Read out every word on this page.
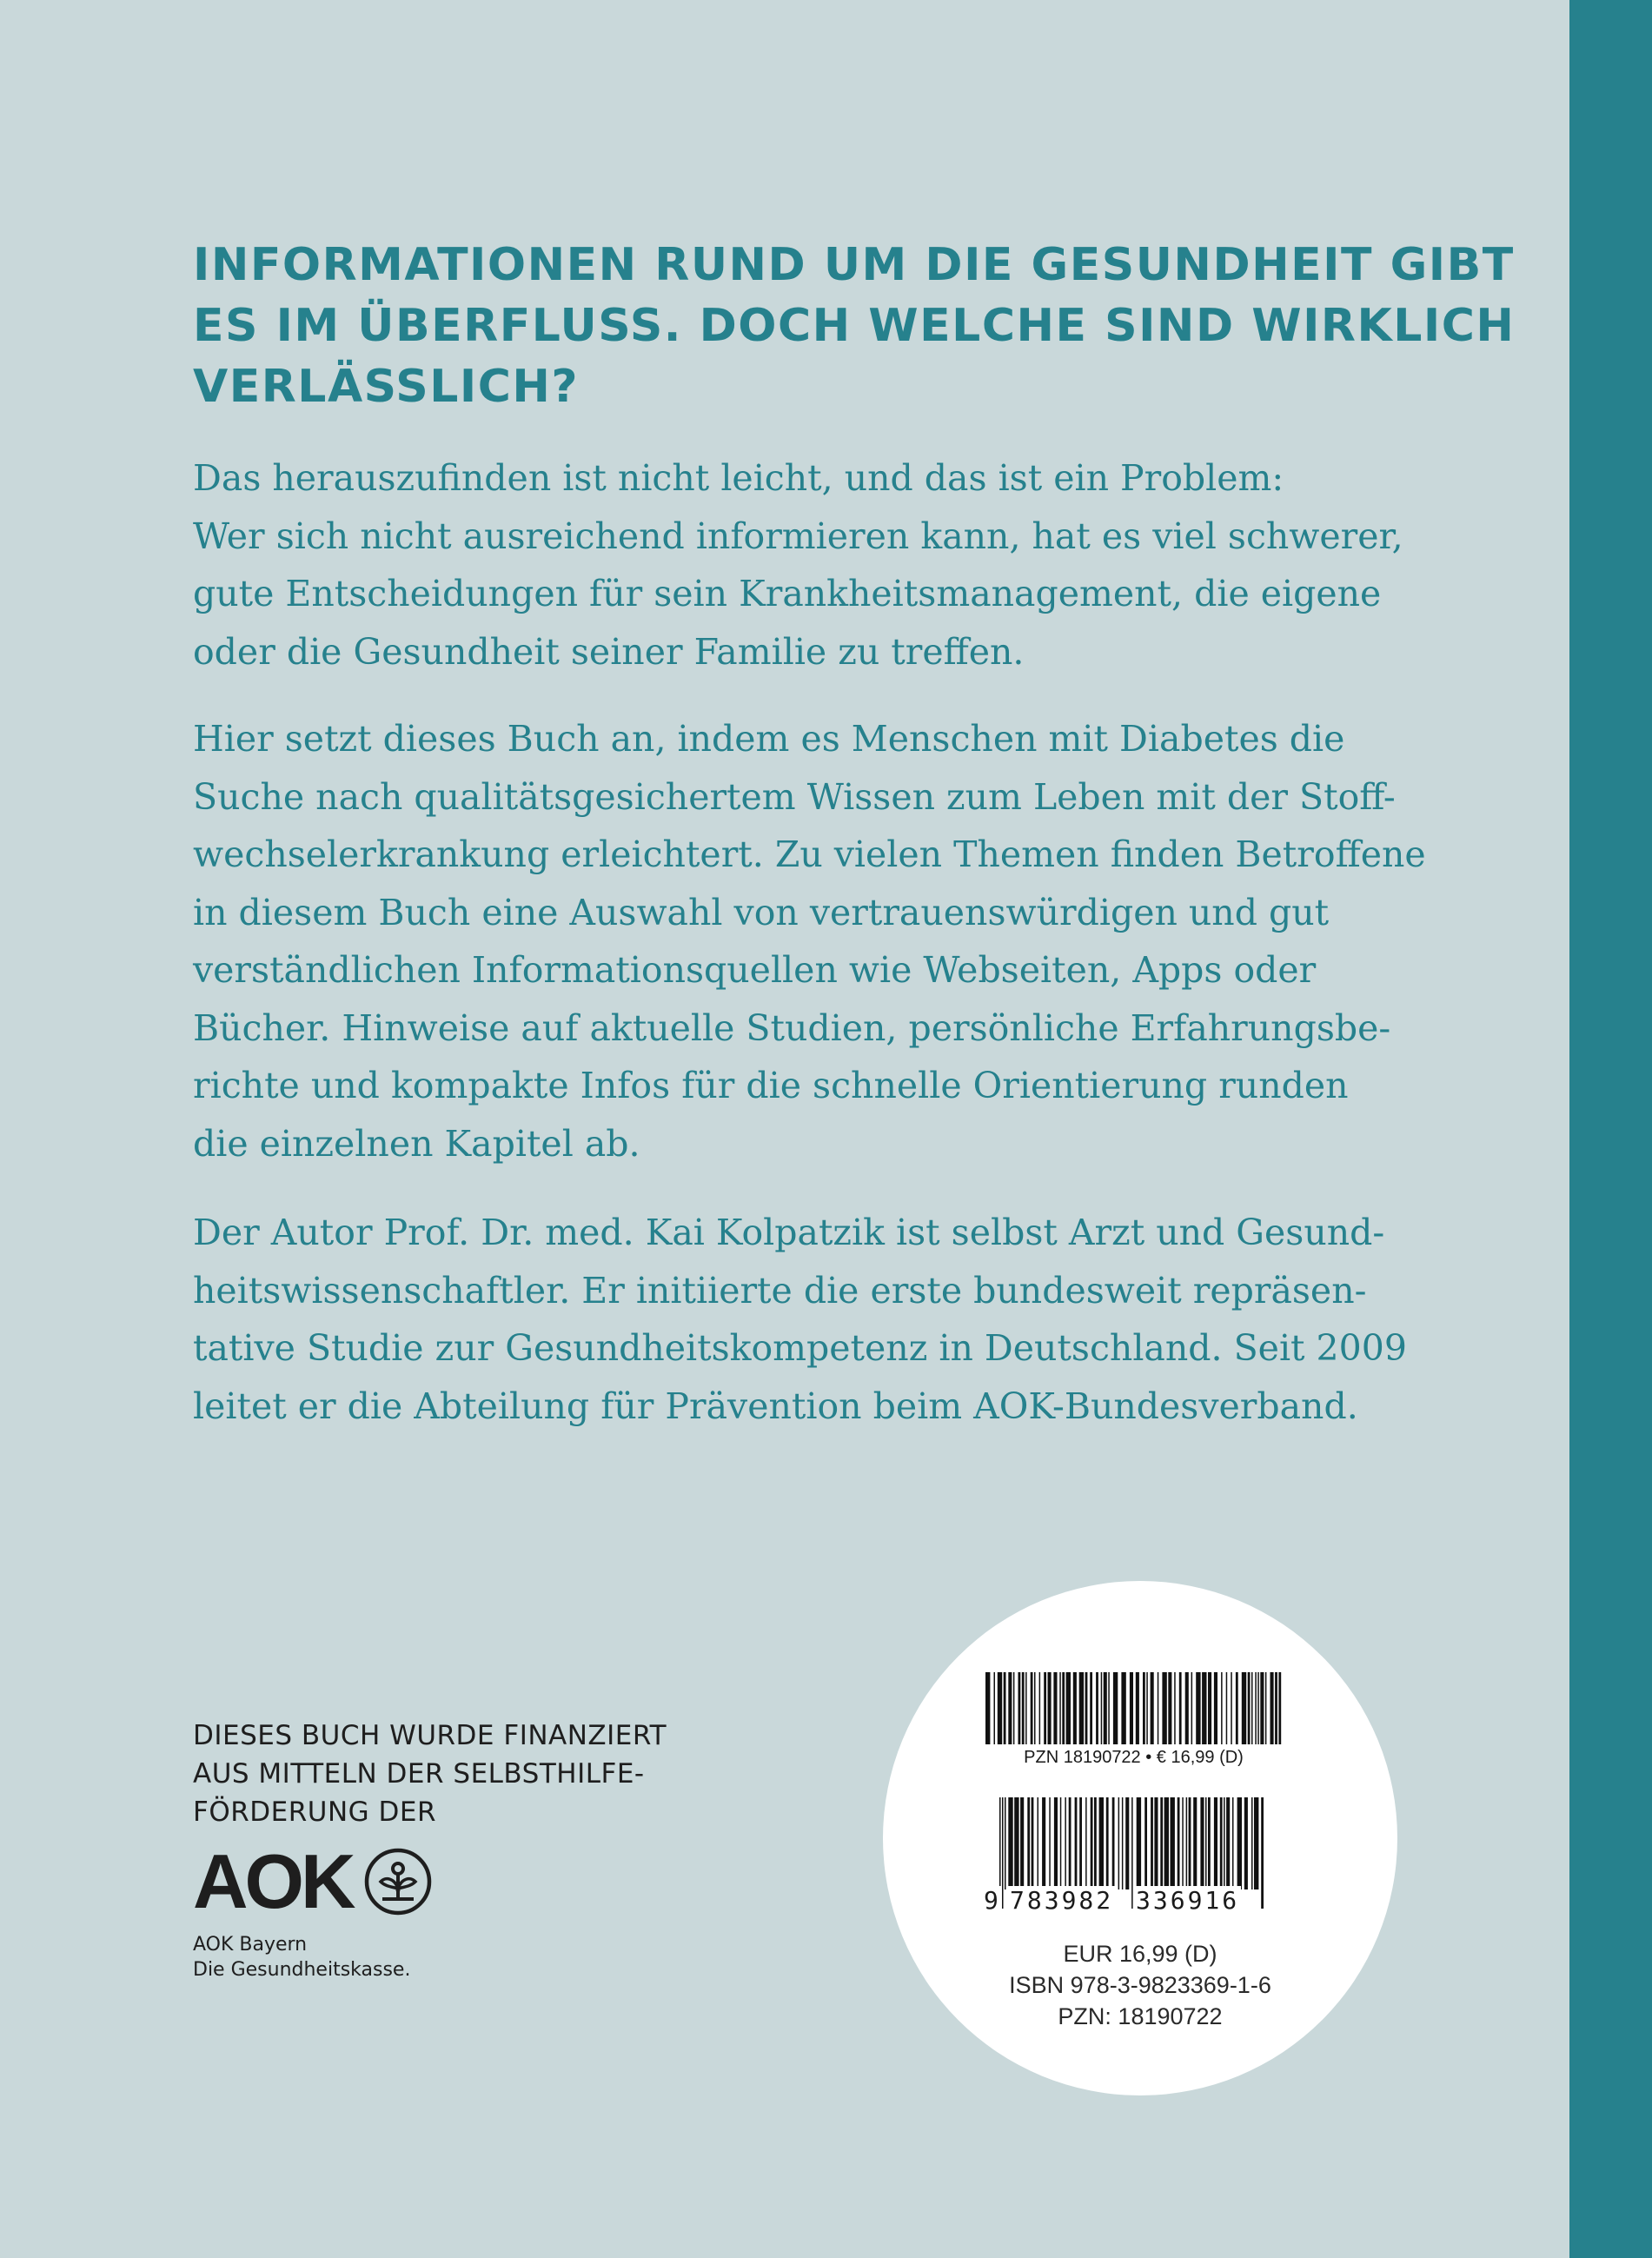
INFORMATIONEN RUND UM DIE GESUNDHEIT GIBT
ES IM ÜBERFLUSS. DOCH WELCHE SIND WIRKLICH
VERLÄSSLICH?
Das herauszufinden ist nicht leicht, und das ist ein Problem:
Wer sich nicht ausreichend informieren kann, hat es viel schwerer,
gute Entscheidungen für sein Krankheitsmanagement, die eigene
oder die Gesundheit seiner Familie zu treffen.
Hier setzt dieses Buch an, indem es Menschen mit Diabetes die
Suche nach qualitätsgesichertem Wissen zum Leben mit der Stoff-
wechselerkrankung erleichtert. Zu vielen Themen finden Betroffene
in diesem Buch eine Auswahl von vertrauenswürdigen und gut
verständlichen Informationsquellen wie Webseiten, Apps oder
Bücher. Hinweise auf aktuelle Studien, persönliche Erfahrungsbe-
richte und kompakte Infos für die schnelle Orientierung runden
die einzelnen Kapitel ab.
Der Autor Prof. Dr. med. Kai Kolpatzik ist selbst Arzt und Gesund-
heitswissenschaftler. Er initiierte die erste bundesweit repräsen-
tative Studie zur Gesundheitskompetenz in Deutschland. Seit 2009
leitet er die Abteilung für Prävention beim AOK-Bundesverband.
DIESES BUCH WURDE FINANZIERT
AUS MITTELN DER SELBSTHILFE-
FÖRDERUNG DER
AOK
AOK Bayern
Die Gesundheitskasse.
PZN 18190722 • € 16,99 (D)
9 783982 336916
EUR 16,99 (D)
ISBN 978-3-9823369-1-6
PZN: 18190722
